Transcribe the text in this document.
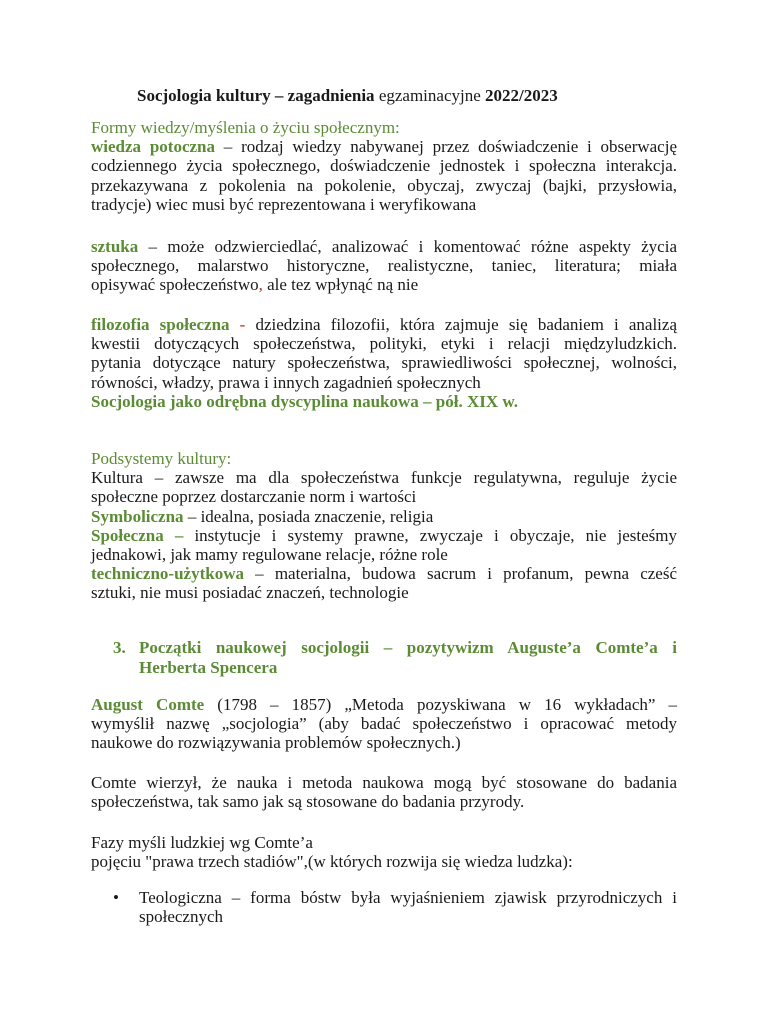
Socjologia kultury – zagadnienia egzaminacyjne 2022/2023
Formy wiedzy/myślenia o życiu społecznym:
wiedza potoczna – rodzaj wiedzy nabywanej przez doświadczenie i obserwację
codziennego życia społecznego, doświadczenie jednostek i społeczna interakcja.
przekazywana z pokolenia na pokolenie, obyczaj, zwyczaj (bajki, przysłowia,
tradycje) wiec musi być reprezentowana i weryfikowana
sztuka – może odzwierciedlać, analizować i komentować różne aspekty życia
społecznego, malarstwo historyczne, realistyczne, taniec, literatura; miała
opisywać społeczeństwo, ale tez wpłynąć ną nie
filozofia społeczna - dziedzina filozofii, która zajmuje się badaniem i analizą
kwestii dotyczących społeczeństwa, polityki, etyki i relacji międzyludzkich.
pytania dotyczące natury społeczeństwa, sprawiedliwości społecznej, wolności,
równości, władzy, prawa i innych zagadnień społecznych
Socjologia jako odrębna dyscyplina naukowa – pół. XIX w.
Podsystemy kultury:
Kultura – zawsze ma dla społeczeństwa funkcje regulatywna, reguluje życie
społeczne poprzez dostarczanie norm i wartości
Symboliczna – idealna, posiada znaczenie, religia
Społeczna – instytucje i systemy prawne, zwyczaje i obyczaje, nie jesteśmy
jednakowi, jak mamy regulowane relacje, różne role
techniczno-użytkowa – materialna, budowa sacrum i profanum, pewna cześć
sztuki, nie musi posiadać znaczeń, technologie
3. Początki naukowej socjologii – pozytywizm Auguste’a Comte’a i
Herberta Spencera
August Comte (1798 – 1857) „Metoda pozyskiwana w 16 wykładach” –
wymyślił nazwę „socjologia” (aby badać społeczeństwo i opracować metody
naukowe do rozwiązywania problemów społecznych.)
Comte wierzył, że nauka i metoda naukowa mogą być stosowane do badania
społeczeństwa, tak samo jak są stosowane do badania przyrody.
Fazy myśli ludzkiej wg Comte’a
pojęciu "prawa trzech stadiów",(w których rozwija się wiedza ludzka):
• Teologiczna – forma bóstw była wyjaśnieniem zjawisk przyrodniczych i
społecznych
